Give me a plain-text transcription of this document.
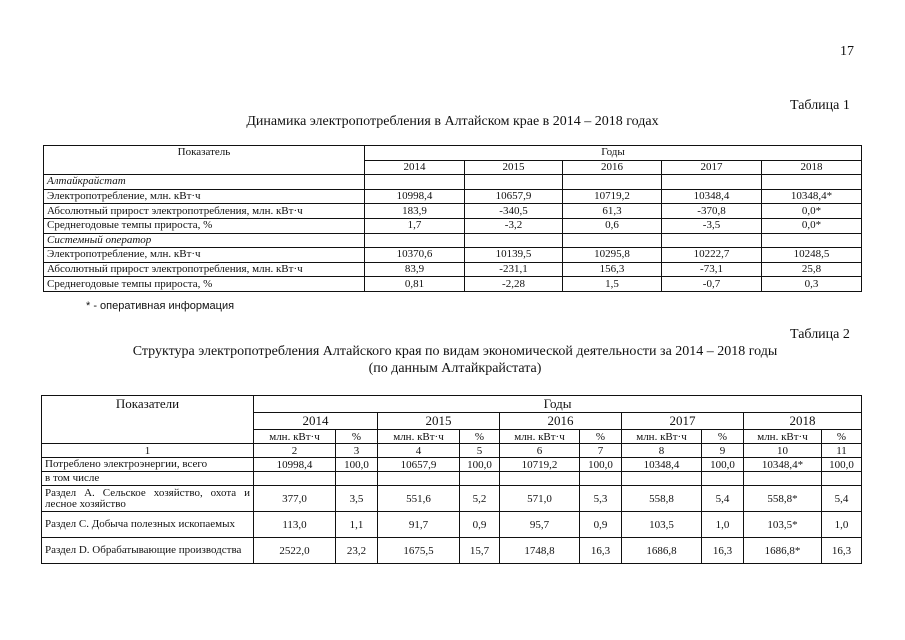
17
Таблица 1
Динамика электропотребления в Алтайском крае в 2014 – 2018 годах
Показатель	Годы				
	2014	2015	2016	2017	2018
Алтайкрайстат					
Электропотребление, млн. кВт·ч	10998,4	10657,9	10719,2	10348,4	10348,4*
Абсолютный прирост электропотребления, млн. кВт·ч	183,9	-340,5	61,3	-370,8	0,0*
Среднегодовые темпы прироста, %	1,7	-3,2	0,6	-3,5	0,0*
Системный оператор					
Электропотребление, млн. кВт·ч	10370,6	10139,5	10295,8	10222,7	10248,5
Абсолютный прирост электропотребления, млн. кВт·ч	83,9	-231,1	156,3	-73,1	25,8
Среднегодовые темпы прироста, %	0,81	-2,28	1,5	-0,7	0,3
* - оперативная информация
Таблица 2
Структура электропотребления Алтайского края по видам экономической деятельности за 2014 – 2018 годы
(по данным Алтайкрайстата)
Показатели	Годы									
	2014		2015		2016		2017		2018	
	млн. кВт·ч	%	млн. кВт·ч	%	млн. кВт·ч	%	млн. кВт·ч	%	млн. кВт·ч	%
1	2	3	4	5	6	7	8	9	10	11
Потреблено электроэнергии, всего	10998,4	100,0	10657,9	100,0	10719,2	100,0	10348,4	100,0	10348,4*	100,0
в том числе										
Раздел A. Сельское хозяйство, охота и лесное хозяйство	377,0	3,5	551,6	5,2	571,0	5,3	558,8	5,4	558,8*	5,4
Раздел C. Добыча полезных ископаемых	113,0	1,1	91,7	0,9	95,7	0,9	103,5	1,0	103,5*	1,0
Раздел D. Обрабатывающие производства	2522,0	23,2	1675,5	15,7	1748,8	16,3	1686,8	16,3	1686,8*	16,3
